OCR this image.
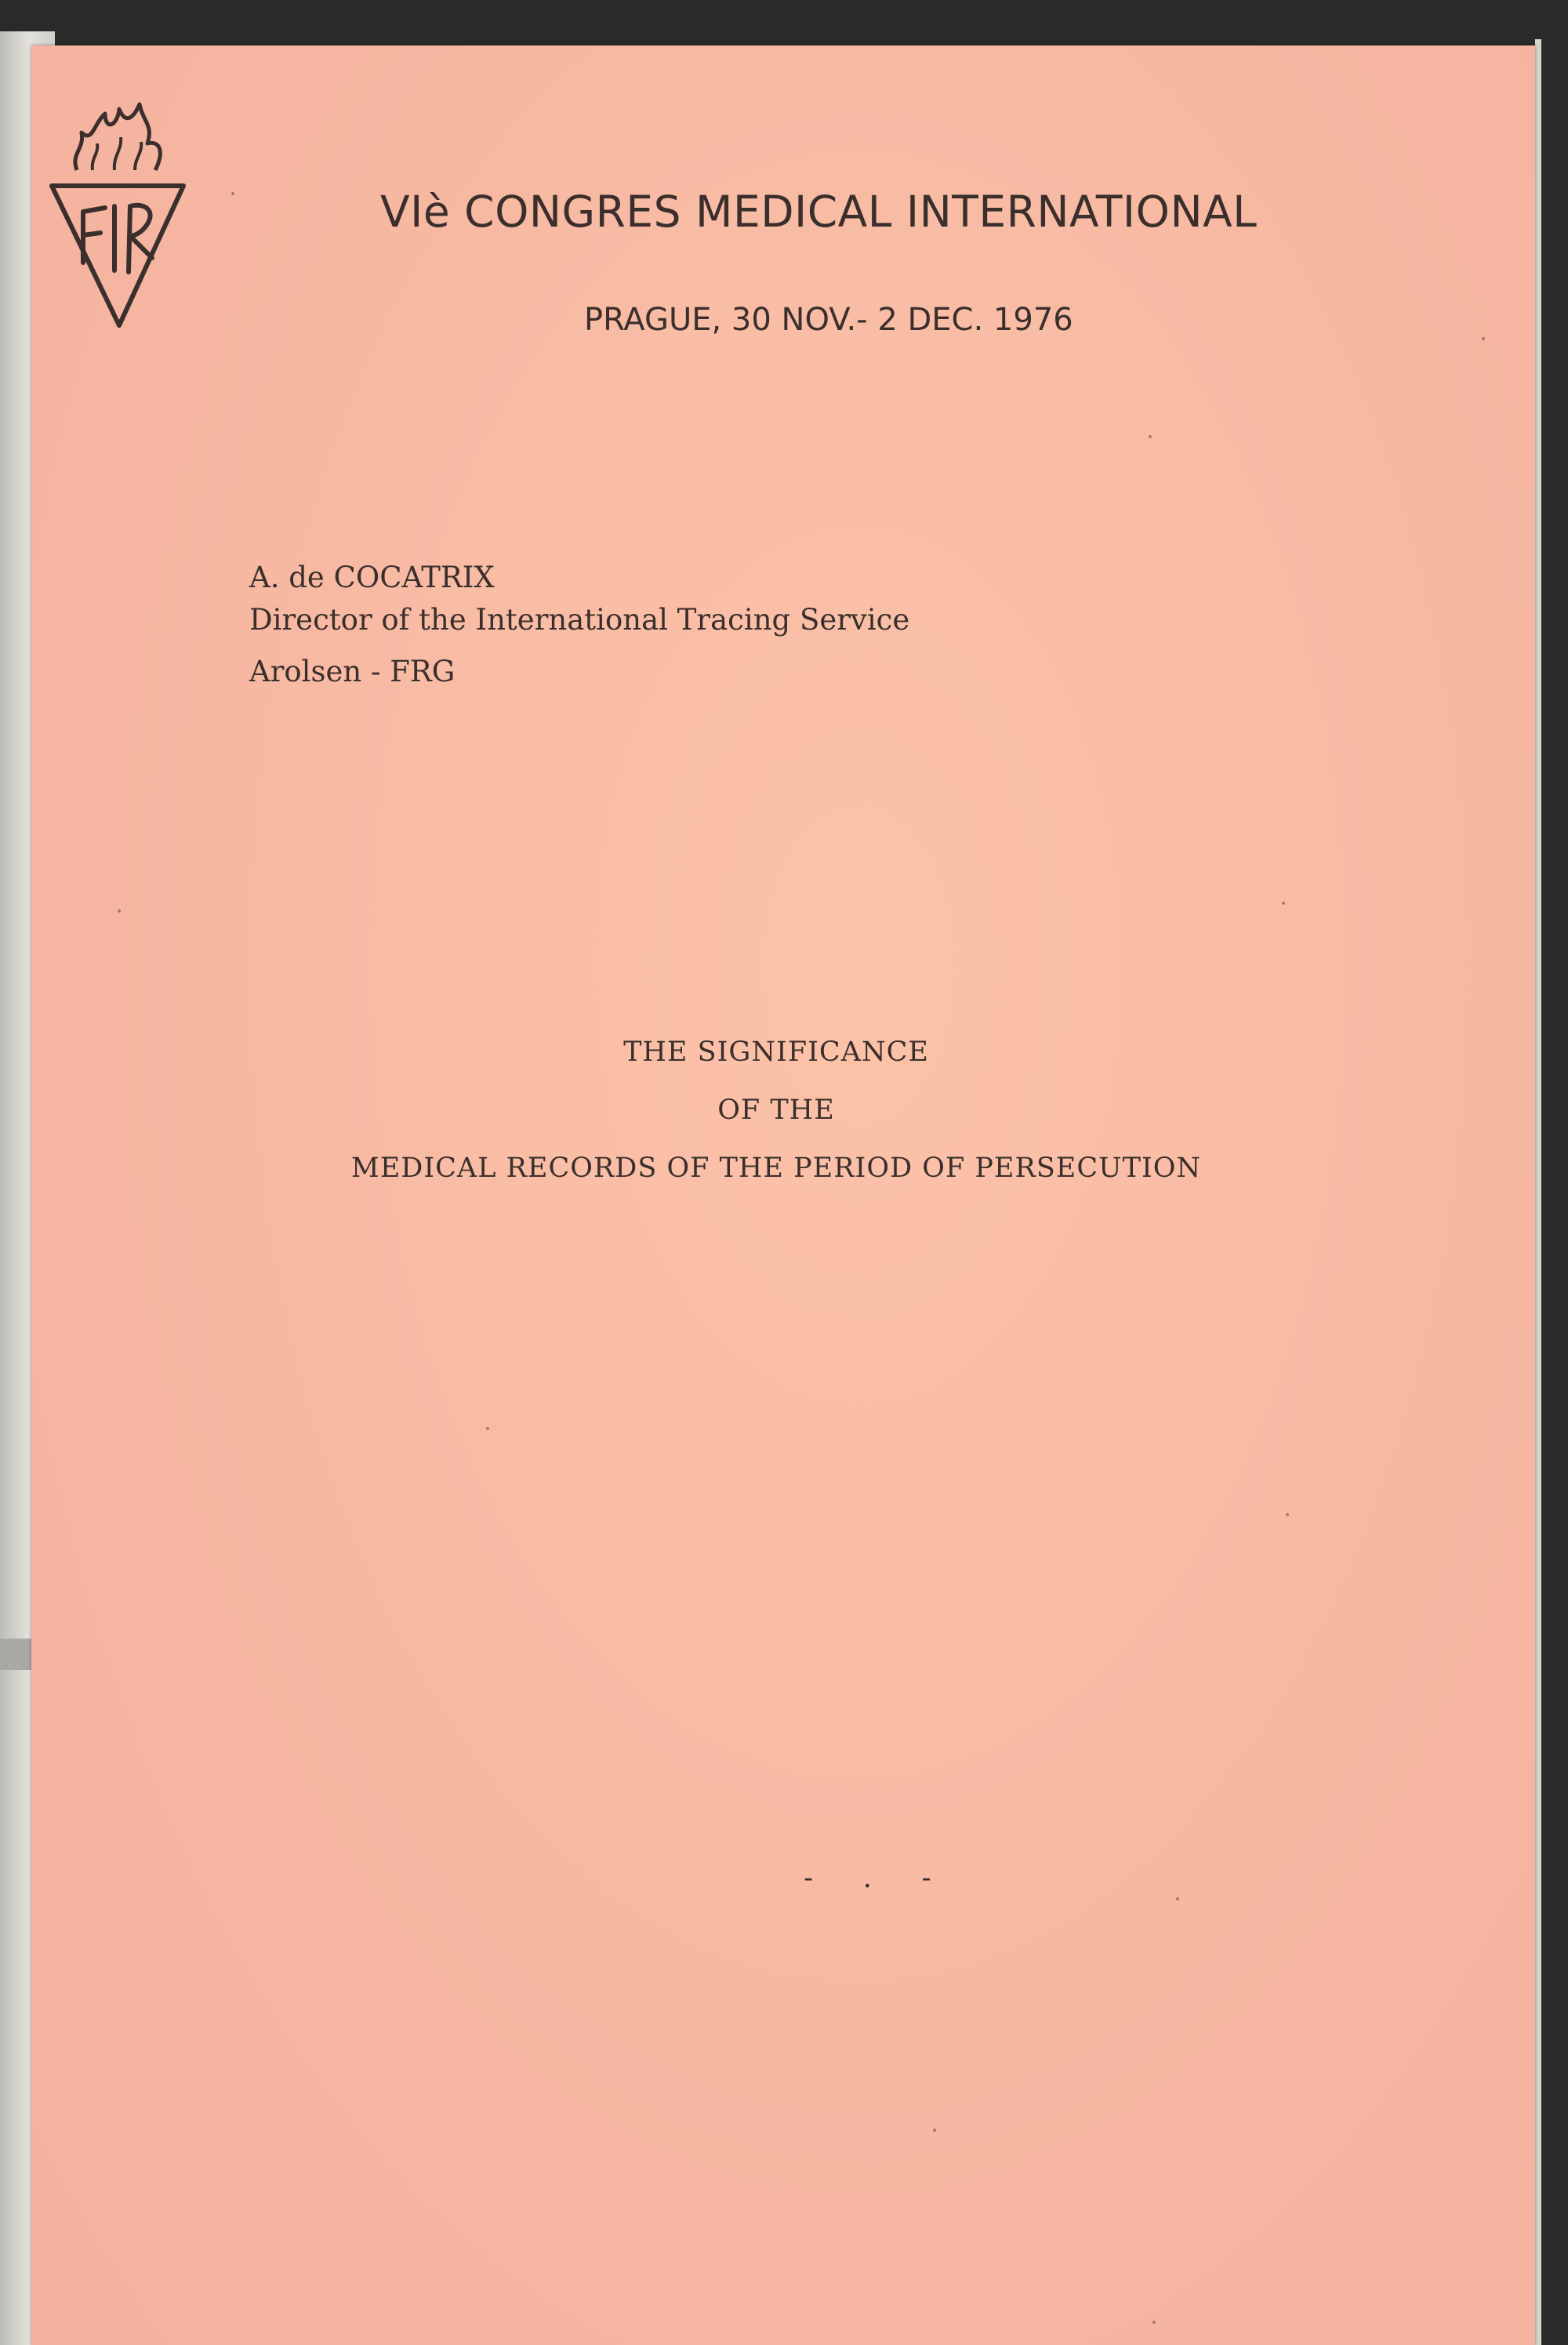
VIè CONGRES MEDICAL INTERNATIONAL
PRAGUE, 30 NOV.- 2 DEC. 1976
A. de COCATRIX
Director of the International Tracing Service
Arolsen - FRG
THE SIGNIFICANCE
OF THE
MEDICAL RECORDS OF THE PERIOD OF PERSECUTION
- . -
